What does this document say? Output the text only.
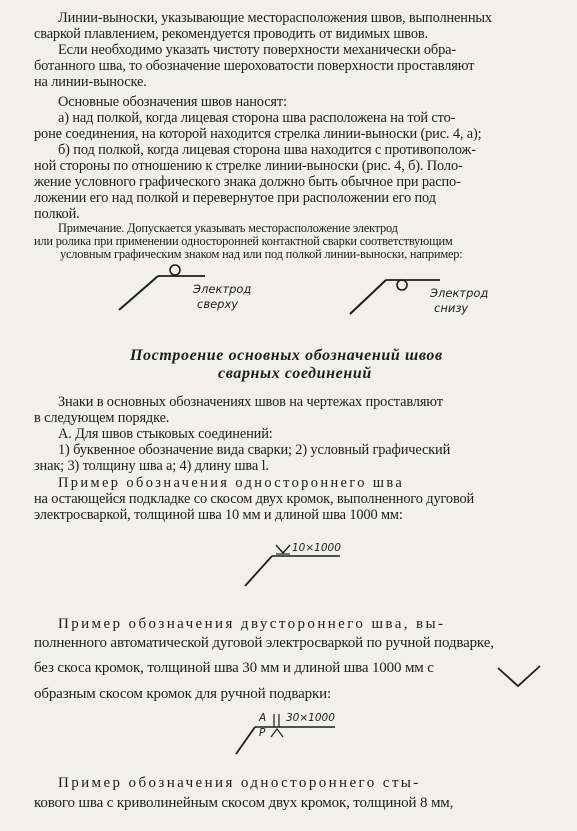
Линии-выноски, указывающие месторасположения швов, выполненных
сваркой плавлением, рекомендуется проводить от видимых швов.
Если необходимо указать чистоту поверхности механически обра-
ботанного шва, то обозначение шероховатости поверхности проставляют
на линии-выноске.
Основные обозначения швов наносят:
а) над полкой, когда лицевая сторона шва расположена на той сто-
роне соединения, на которой находится стрелка линии-выноски (рис. 4, а);
б) под полкой, когда лицевая сторона шва находится с противополож-
ной стороны по отношению к стрелке линии-выноски (рис. 4, б). Поло-
жение условного графического знака должно быть обычное при распо-
ложении его над полкой и перевернутое при расположении его под
полкой.
Примечание. Допускается указывать месторасположение электрод
или ролика при применении односторонней контактной сварки соответствующим
условным графическим знаком над или под полкой линии-выноски, например:
Электрод
сверху
Электрод
снизу
Построение основных обозначений швов
сварных соединений
Знаки в основных обозначениях швов на чертежах проставляют
в следующем порядке.
А. Для швов стыковых соединений:
1) буквенное обозначение вида сварки; 2) условный графический
знак; 3) толщину шва а; 4) длину шва l.
Пример обозначения одностороннего шва
на остающейся подкладке со скосом двух кромок, выполненного дуговой
электросваркой, толщиной шва 10 мм и длиной шва 1000 мм:
10×1000
Пример обозначения двустороннего шва, вы-
полненного автоматической дуговой электросваркой по ручной подварке,
без скоса кромок, толщиной шва 30 мм и длиной шва 1000 мм с
образным скосом кромок для ручной подварки:
А
Р
30×1000
Пример обозначения одностороннего сты-
кового шва с криволинейным скосом двух кромок, толщиной 8 мм,
